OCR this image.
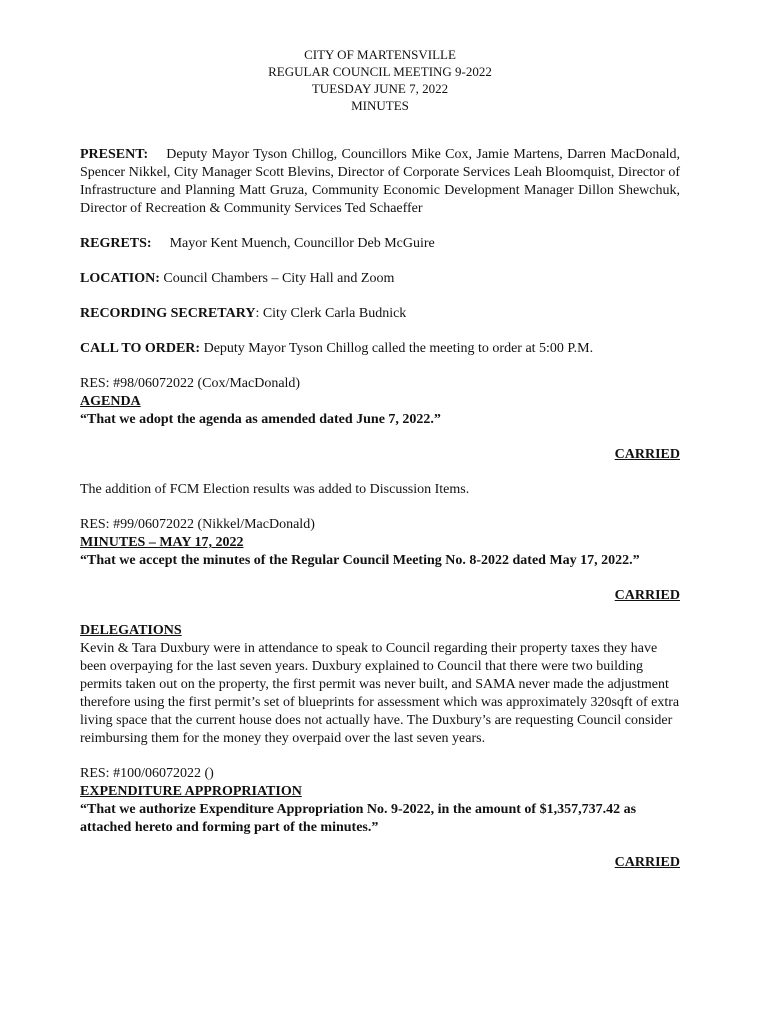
CITY OF MARTENSVILLE
REGULAR COUNCIL MEETING 9-2022
TUESDAY JUNE 7, 2022
MINUTES

PRESENT: Deputy Mayor Tyson Chillog, Councillors Mike Cox, Jamie Martens, Darren MacDonald, Spencer Nikkel, City Manager Scott Blevins, Director of Corporate Services Leah Bloomquist, Director of Infrastructure and Planning Matt Gruza, Community Economic Development Manager Dillon Shewchuk, Director of Recreation & Community Services Ted Schaeffer

REGRETS: Mayor Kent Muench, Councillor Deb McGuire

LOCATION: Council Chambers – City Hall and Zoom

RECORDING SECRETARY: City Clerk Carla Budnick

CALL TO ORDER: Deputy Mayor Tyson Chillog called the meeting to order at 5:00 P.M.

RES: #98/06072022 (Cox/MacDonald)
AGENDA
“That we adopt the agenda as amended dated June 7, 2022.”
CARRIED

The addition of FCM Election results was added to Discussion Items.

RES: #99/06072022 (Nikkel/MacDonald)
MINUTES – MAY 17, 2022
“That we accept the minutes of the Regular Council Meeting No. 8-2022 dated May 17, 2022.”
CARRIED
DELEGATIONS
Kevin & Tara Duxbury were in attendance to speak to Council regarding their property taxes they have been overpaying for the last seven years. Duxbury explained to Council that there were two building permits taken out on the property, the first permit was never built, and SAMA never made the adjustment therefore using the first permit’s set of blueprints for assessment which was approximately 320sqft of extra living space that the current house does not actually have. The Duxbury’s are requesting Council consider reimbursing them for the money they overpaid over the last seven years.
RES: #100/06072022 ()
EXPENDITURE APPROPRIATION
“That we authorize Expenditure Appropriation No. 9-2022, in the amount of $1,357,737.42 as attached hereto and forming part of the minutes.”
CARRIED
